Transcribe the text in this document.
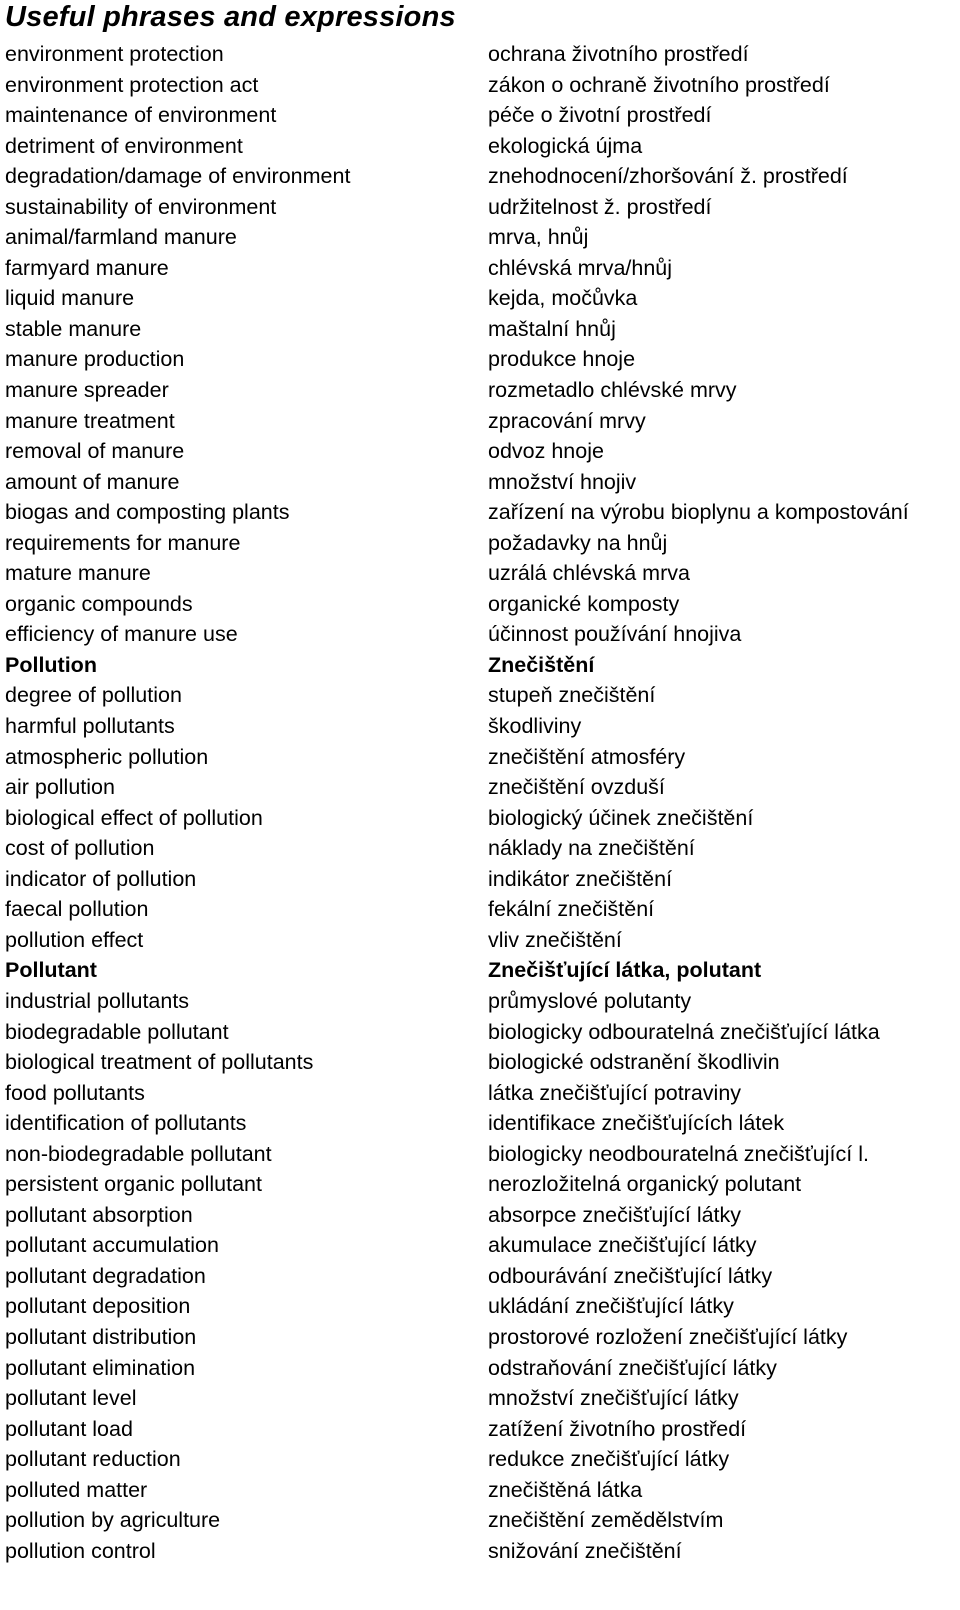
Useful phrases and expressions
environment protection	ochrana životního prostředí
environment protection act	zákon o ochraně životního prostředí
maintenance of environment	péče o životní prostředí
detriment of environment	ekologická újma
degradation/damage of environment	znehodnocení/zhoršování ž. prostředí
sustainability of environment	udržitelnost ž. prostředí
animal/farmland manure	mrva, hnůj
farmyard manure	chlévská mrva/hnůj
liquid manure	kejda, močůvka
stable manure	maštalní hnůj
manure production	produkce hnoje
manure spreader	rozmetadlo chlévské mrvy
manure treatment	zpracování mrvy
removal of manure	odvoz hnoje
amount of manure	množství hnojiv
biogas and composting plants	zařízení na výrobu bioplynu a kompostování
requirements for manure	požadavky na hnůj
mature manure	uzrálá chlévská mrva
organic compounds	organické komposty
efficiency of manure use	účinnost používání hnojiva
Pollution	Znečištění
degree of pollution	stupeň znečištění
harmful pollutants	škodliviny
atmospheric pollution	znečištění atmosféry
air pollution	znečištění ovzduší
biological effect of pollution	biologický účinek znečištění
cost of pollution	náklady na znečištění
indicator of pollution	indikátor znečištění
faecal pollution	fekální znečištění
pollution effect	vliv znečištění
Pollutant	Znečišťující látka, polutant
industrial pollutants	průmyslové polutanty
biodegradable pollutant	biologicky odbouratelná znečišťující látka
biological treatment of pollutants	biologické odstranění škodlivin
food pollutants	látka znečišťující potraviny
identification of pollutants	identifikace znečišťujících látek
non-biodegradable pollutant	biologicky neodbouratelná znečišťující l.
persistent organic pollutant	nerozložitelná organický polutant
pollutant absorption	absorpce znečišťující látky
pollutant accumulation	akumulace znečišťující látky
pollutant degradation	odbourávání znečišťující látky
pollutant deposition	ukládání znečišťující látky
pollutant distribution	prostorové rozložení znečišťující látky
pollutant elimination	odstraňování znečišťující látky
pollutant level	množství znečišťující látky
pollutant load	zatížení životního prostředí
pollutant reduction	redukce znečišťující látky
polluted matter	znečištěná látka
pollution by agriculture	znečištění zemědělstvím
pollution control	snižování znečištění
